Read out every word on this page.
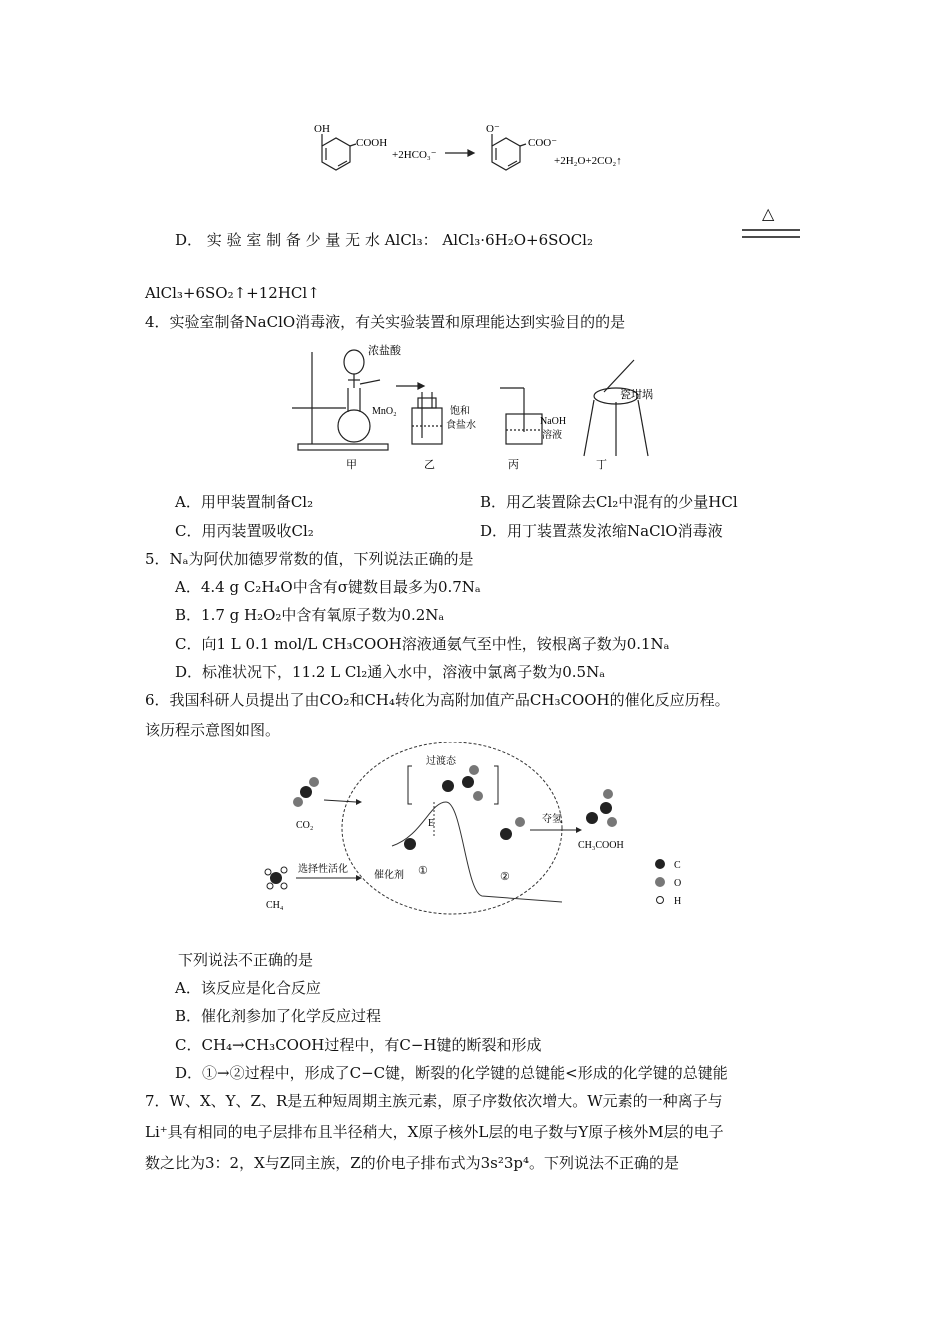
OH
COOH
+2HCO₃⁻
O⁻
COO⁻
+2H₂O+2CO₂↑
D． 实 验 室 制 备 少 量 无 水 AlCl₃： AlCl₃·6H₂O+6SOCl₂
△
AlCl₃+6SO₂↑+12HCl↑
4．实验室制备NaClO消毒液，有关实验装置和原理能达到实验目的的是
浓盐酸
MnO₂	饱和
食盐水	NaOH
溶液
瓷坩埚
甲	乙	丙	丁
A．用甲装置制备Cl₂	B．用乙装置除去Cl₂中混有的少量HCl
C．用丙装置吸收Cl₂	D．用丁装置蒸发浓缩NaClO消毒液
5．Nₐ为阿伏加德罗常数的值，下列说法正确的是
A．4.4 g C₂H₄O中含有σ键数目最多为0.7Nₐ
B．1.7 g H₂O₂中含有氧原子数为0.2Nₐ
C．向1 L 0.1 mol/L CH₃COOH溶液通氨气至中性，铵根离子数为0.1Nₐ
D．标准状况下，11.2 L Cl₂通入水中，溶液中氯离子数为0.5Nₐ
6．我国科研人员提出了由CO₂和CH₄转化为高附加值产品CH₃COOH的催化反应历程。
该历程示意图如图。
CO₂
CH₄
选择性活化
过渡态
E
催化剂 ①	②
夺氢
CH₃COOH
C
O
H
下列说法不正确的是
A．该反应是化合反应
B．催化剂参加了化学反应过程
C．CH₄→CH₃COOH过程中，有C−H键的断裂和形成
D．①→②过程中，形成了C−C键，断裂的化学键的总键能<形成的化学键的总键能
7．W、X、Y、Z、R是五种短周期主族元素，原子序数依次增大。W元素的一种离子与
Li⁺具有相同的电子层排布且半径稍大，X原子核外L层的电子数与Y原子核外M层的电子
数之比为3：2，X与Z同主族，Z的价电子排布式为3s²3p⁴。下列说法不正确的是
